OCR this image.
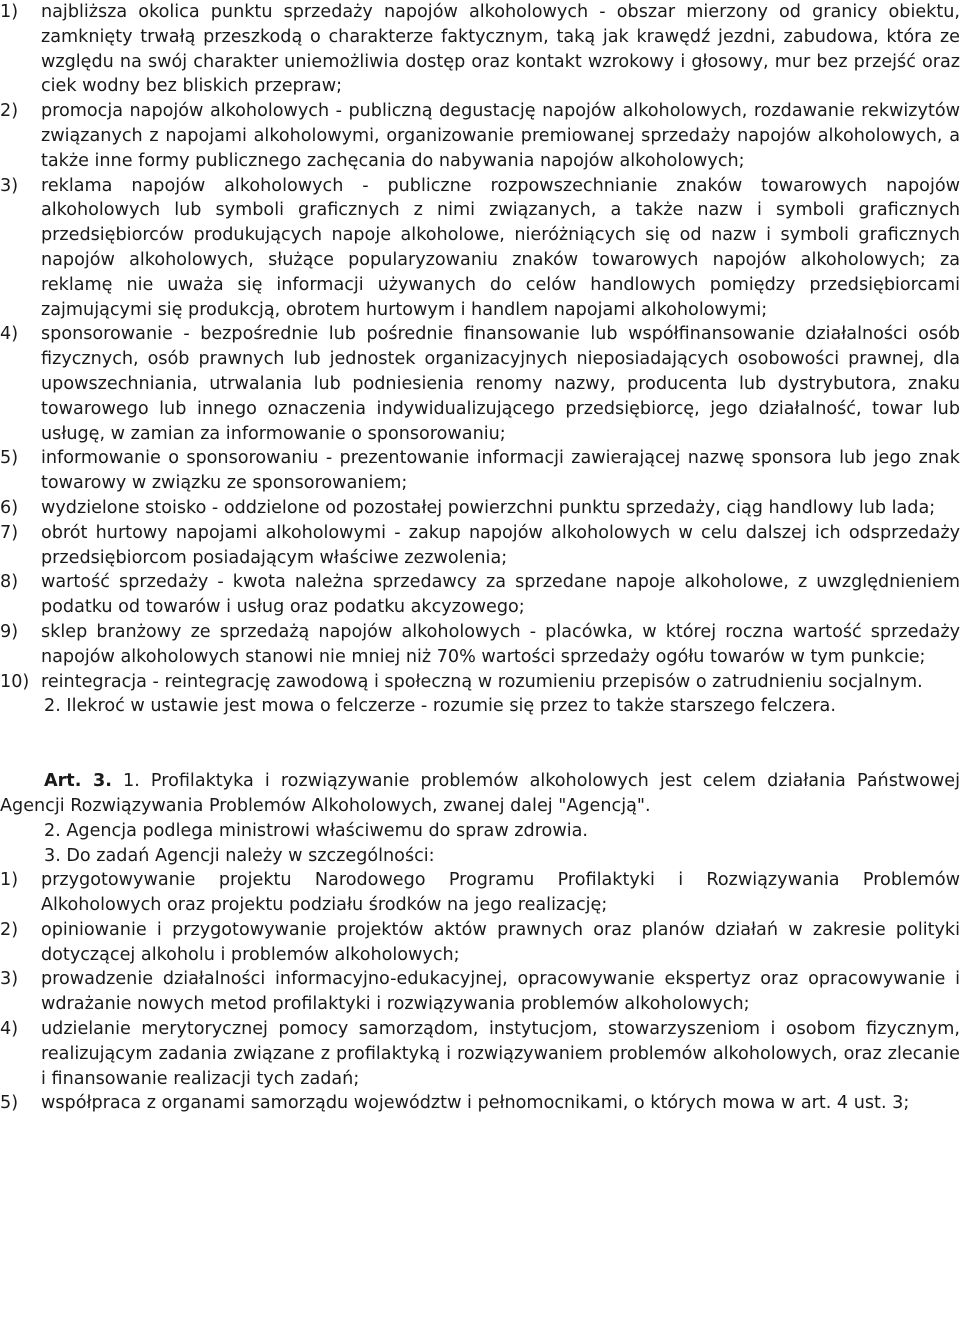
1)	najbliższa okolica punktu sprzedaży napojów alkoholowych - obszar mierzony od granicy obiektu, zamknięty trwałą przeszkodą o charakterze faktycznym, taką jak krawędź jezdni, zabudowa, która ze względu na swój charakter uniemożliwia dostęp oraz kontakt wzrokowy i głosowy, mur bez przejść oraz ciek wodny bez bliskich przepraw;
2)	promocja napojów alkoholowych - publiczną degustację napojów alkoholowych, rozdawanie rekwizytów związanych z napojami alkoholowymi, organizowanie premiowanej sprzedaży napojów alkoholowych, a także inne formy publicznego zachęcania do nabywania napojów alkoholowych;
3)	reklama napojów alkoholowych - publiczne rozpowszechnianie znaków towarowych napojów alkoholowych lub symboli graficznych z nimi związanych, a także nazw i symboli graficznych przedsiębiorców produkujących napoje alkoholowe, nieróżniących się od nazw i symboli graficznych napojów alkoholowych, służące popularyzowaniu znaków towarowych napojów alkoholowych; za reklamę nie uważa się informacji używanych do celów handlowych pomiędzy przedsiębiorcami zajmującymi się produkcją, obrotem hurtowym i handlem napojami alkoholowymi;
4)	sponsorowanie - bezpośrednie lub pośrednie finansowanie lub współfinansowanie działalności osób fizycznych, osób prawnych lub jednostek organizacyjnych nieposiadających osobowości prawnej, dla upowszechniania, utrwalania lub podniesienia renomy nazwy, producenta lub dystrybutora, znaku towarowego lub innego oznaczenia indywidualizującego przedsiębiorcę, jego działalność, towar lub usługę, w zamian za informowanie o sponsorowaniu;
5)	informowanie o sponsorowaniu - prezentowanie informacji zawierającej nazwę sponsora lub jego znak towarowy w związku ze sponsorowaniem;
6)	wydzielone stoisko - oddzielone od pozostałej powierzchni punktu sprzedaży, ciąg handlowy lub lada;
7)	obrót hurtowy napojami alkoholowymi - zakup napojów alkoholowych w celu dalszej ich odsprzedaży przedsiębiorcom posiadającym właściwe zezwolenia;
8)	wartość sprzedaży - kwota należna sprzedawcy za sprzedane napoje alkoholowe, z uwzględnieniem podatku od towarów i usług oraz podatku akcyzowego;
9)	sklep branżowy ze sprzedażą napojów alkoholowych - placówka, w której roczna wartość sprzedaży napojów alkoholowych stanowi nie mniej niż 70% wartości sprzedaży ogółu towarów w tym punkcie;
10) reintegracja - reintegrację zawodową i społeczną w rozumieniu przepisów o zatrudnieniu socjalnym.

2. Ilekroć w ustawie jest mowa o felczerze - rozumie się przez to także starszego felczera.

Art. 3. 1. Profilaktyka i rozwiązywanie problemów alkoholowych jest celem działania Państwowej Agencji Rozwiązywania Problemów Alkoholowych, zwanej dalej "Agencją".

2. Agencja podlega ministrowi właściwemu do spraw zdrowia.

3. Do zadań Agencji należy w szczególności:

1)	przygotowywanie projektu Narodowego Programu Profilaktyki i Rozwiązywania Problemów Alkoholowych oraz projektu podziału środków na jego realizację;
2)	opiniowanie i przygotowywanie projektów aktów prawnych oraz planów działań w zakresie polityki dotyczącej alkoholu i problemów alkoholowych;
3)	prowadzenie działalności informacyjno-edukacyjnej, opracowywanie ekspertyz oraz opracowywanie i wdrażanie nowych metod profilaktyki i rozwiązywania problemów alkoholowych;
4)	udzielanie merytorycznej pomocy samorządom, instytucjom, stowarzyszeniom i osobom fizycznym, realizującym zadania związane z profilaktyką i rozwiązywaniem problemów alkoholowych, oraz zlecanie i finansowanie realizacji tych zadań;
5)	współpraca z organami samorządu województw i pełnomocnikami, o których mowa w art. 4 ust. 3;
